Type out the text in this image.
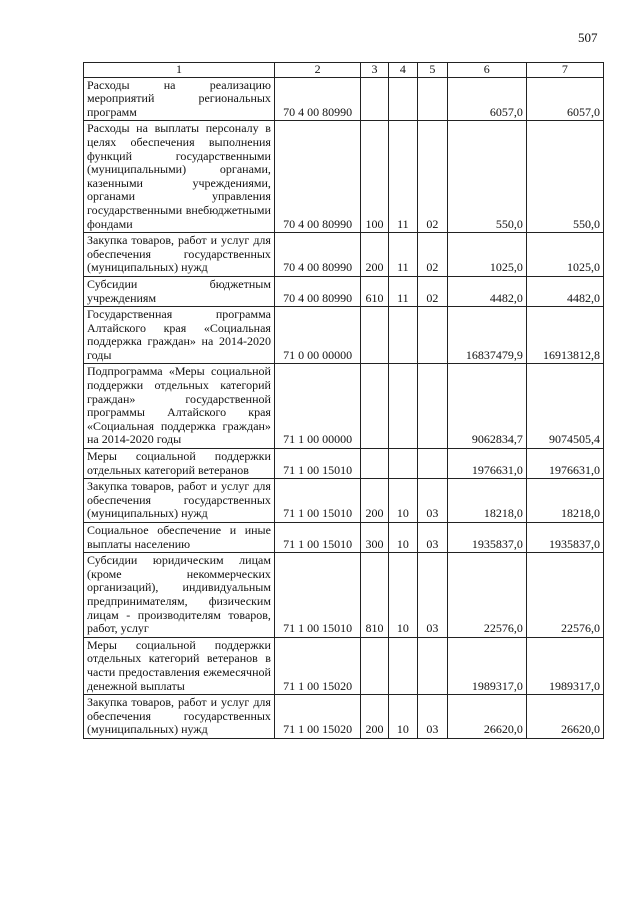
507
1	2	3	4	5	6	7
Расходы на реализацию мероприятий региональных программ	70 4 00 80990				6057,0	6057,0
Расходы на выплаты персоналу в целях обеспечения выполнения функций государственными (муниципальными) органами, казенными учреждениями, органами управления государственными внебюджетными фондами	70 4 00 80990	100	11	02	550,0	550,0
Закупка товаров, работ и услуг для обеспечения государственных (муниципальных) нужд	70 4 00 80990	200	11	02	1025,0	1025,0
Субсидии бюджетным учреждениям	70 4 00 80990	610	11	02	4482,0	4482,0
Государственная программа Алтайского края «Социальная поддержка граждан» на 2014-2020 годы	71 0 00 00000				16837479,9	16913812,8
Подпрограмма «Меры социальной поддержки отдельных категорий граждан» государственной программы Алтайского края «Социальная поддержка граждан» на 2014-2020 годы	71 1 00 00000				9062834,7	9074505,4
Меры социальной поддержки отдельных категорий ветеранов	71 1 00 15010				1976631,0	1976631,0
Закупка товаров, работ и услуг для обеспечения государственных (муниципальных) нужд	71 1 00 15010	200	10	03	18218,0	18218,0
Социальное обеспечение и иные выплаты населению	71 1 00 15010	300	10	03	1935837,0	1935837,0
Субсидии юридическим лицам (кроме некоммерческих организаций), индивидуальным предпринимателям, физическим лицам - производителям товаров, работ, услуг	71 1 00 15010	810	10	03	22576,0	22576,0
Меры социальной поддержки отдельных категорий ветеранов в части предоставления ежемесячной денежной выплаты	71 1 00 15020				1989317,0	1989317,0
Закупка товаров, работ и услуг для обеспечения государственных (муниципальных) нужд	71 1 00 15020	200	10	03	26620,0	26620,0
